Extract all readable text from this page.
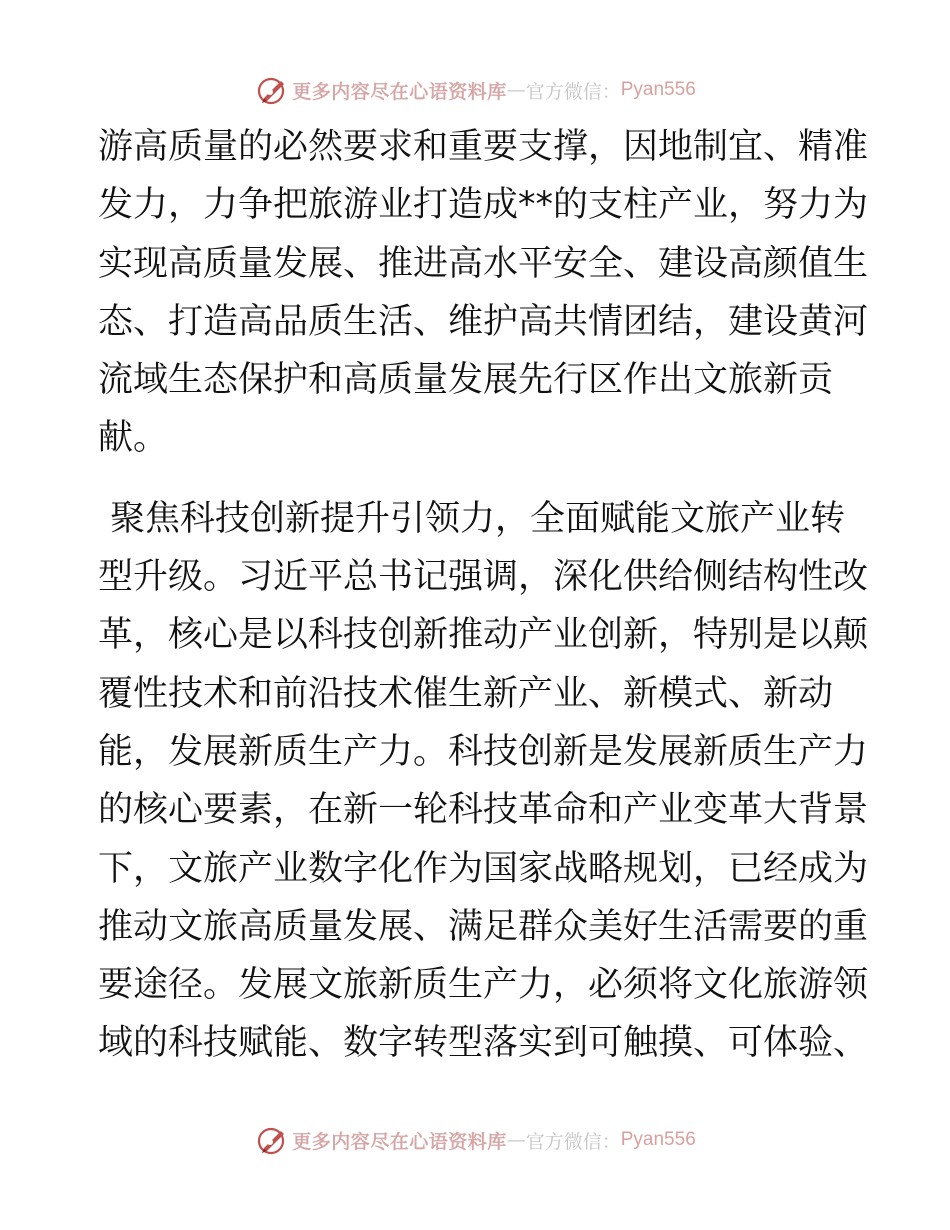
更多内容尽在心语资料库 — 官方微信： Pyan556
游高质量的必然要求和重要支撑，因地制宜、精准
发力，力争把旅游业打造成**的支柱产业，努力为
实现高质量发展、推进高水平安全、建设高颜值生
态、打造高品质生活、维护高共情团结，建设黄河
流域生态保护和高质量发展先行区作出文旅新贡
献。
聚焦科技创新提升引领力，全面赋能文旅产业转
型升级。习近平总书记强调，深化供给侧结构性改
革，核心是以科技创新推动产业创新，特别是以颠
覆性技术和前沿技术催生新产业、新模式、新动
能，发展新质生产力。科技创新是发展新质生产力
的核心要素，在新一轮科技革命和产业变革大背景
下，文旅产业数字化作为国家战略规划，已经成为
推动文旅高质量发展、满足群众美好生活需要的重
要途径。发展文旅新质生产力，必须将文化旅游领
域的科技赋能、数字转型落实到可触摸、可体验、
更多内容尽在心语资料库 — 官方微信： Pyan556
